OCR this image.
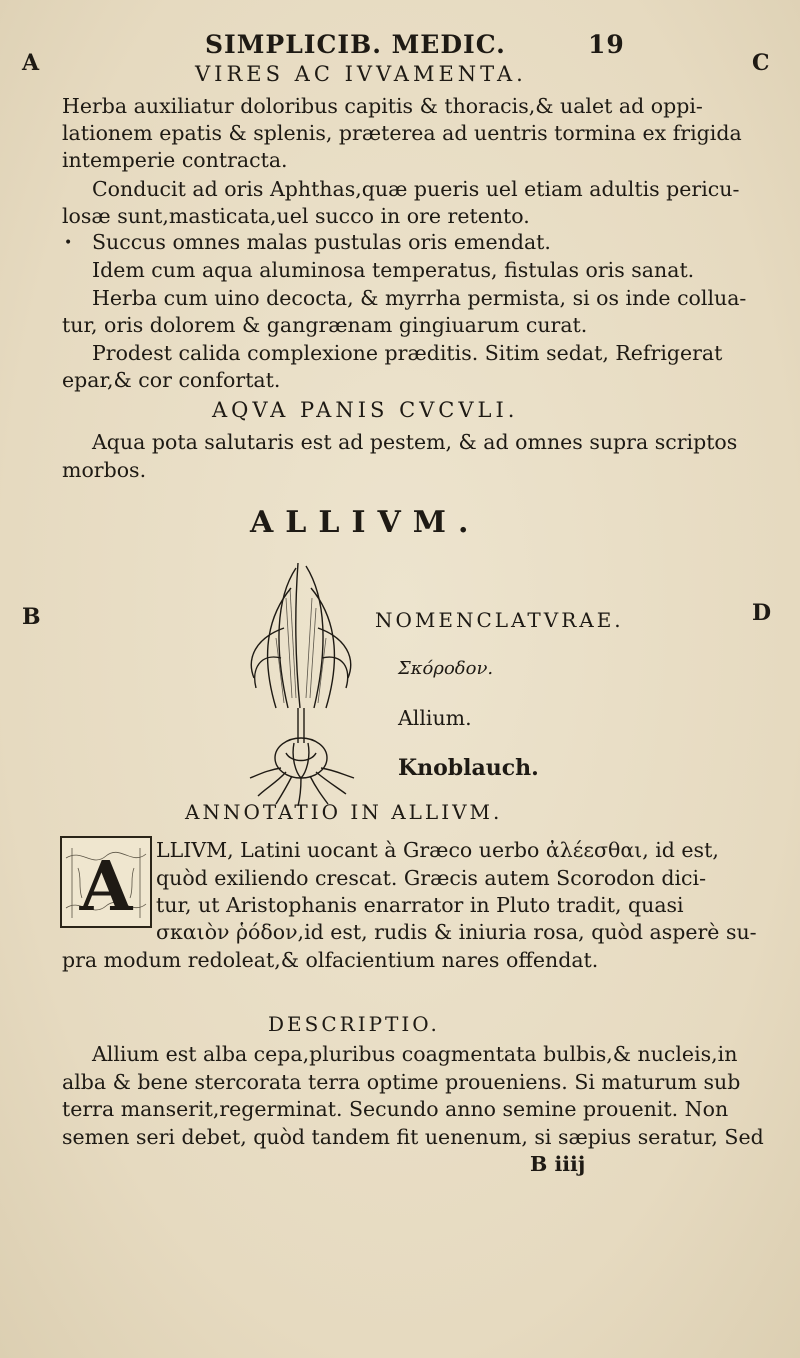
SIMPLICIB. MEDIC.	19
A	C
VIRES AC IVVAMENTA.
Herba auxiliatur doloribus capitis & thoracis,& ualet ad oppi-
lationem epatis & splenis, præterea ad uentris tormina ex frigida
intemperie contracta.
Conducit ad oris Aphthas,quæ pueris uel etiam adultis pericu-
losæ sunt,masticata,uel succo in ore retento.
• Succus omnes malas pustulas oris emendat.
Idem cum aqua aluminosa temperatus, fistulas oris sanat.
Herba cum uino decocta, & myrrha permista, si os inde collua-
tur, oris dolorem & gangrænam gingiuarum curat.
Prodest calida complexione præditis. Sitim sedat, Refrigerat
epar,& cor confortat.
AQVA PANIS CVCVLI.
Aqua pota salutaris est ad pestem, & ad omnes supra scriptos
morbos.
ALLIVM.
B	D
NOMENCLATVRAE.
Σκόροδον.
Allium.
Knoblauch.
ANNOTATIO IN ALLIVM.
A LLIVM, Latini uocant à Græco uerbo ἀλέεσθαι, id est,
quòd exiliendo crescat. Græcis autem Scorodon dici-
tur, ut Aristophanis enarrator in Pluto tradit, quasi
σκαιὸν ῥόδον,id est, rudis & iniuria rosa, quòd asperè su-
pra modum redoleat,& olfacientium nares offendat.
DESCRIPTIO.
Allium est alba cepa,pluribus coagmentata bulbis,& nucleis,in
alba & bene stercorata terra optime proueniens. Si maturum sub
terra manserit,regerminat. Secundo anno semine prouenit. Non
semen seri debet, quòd tandem fit uenenum, si sæpius seratur, Sed
B iiij
